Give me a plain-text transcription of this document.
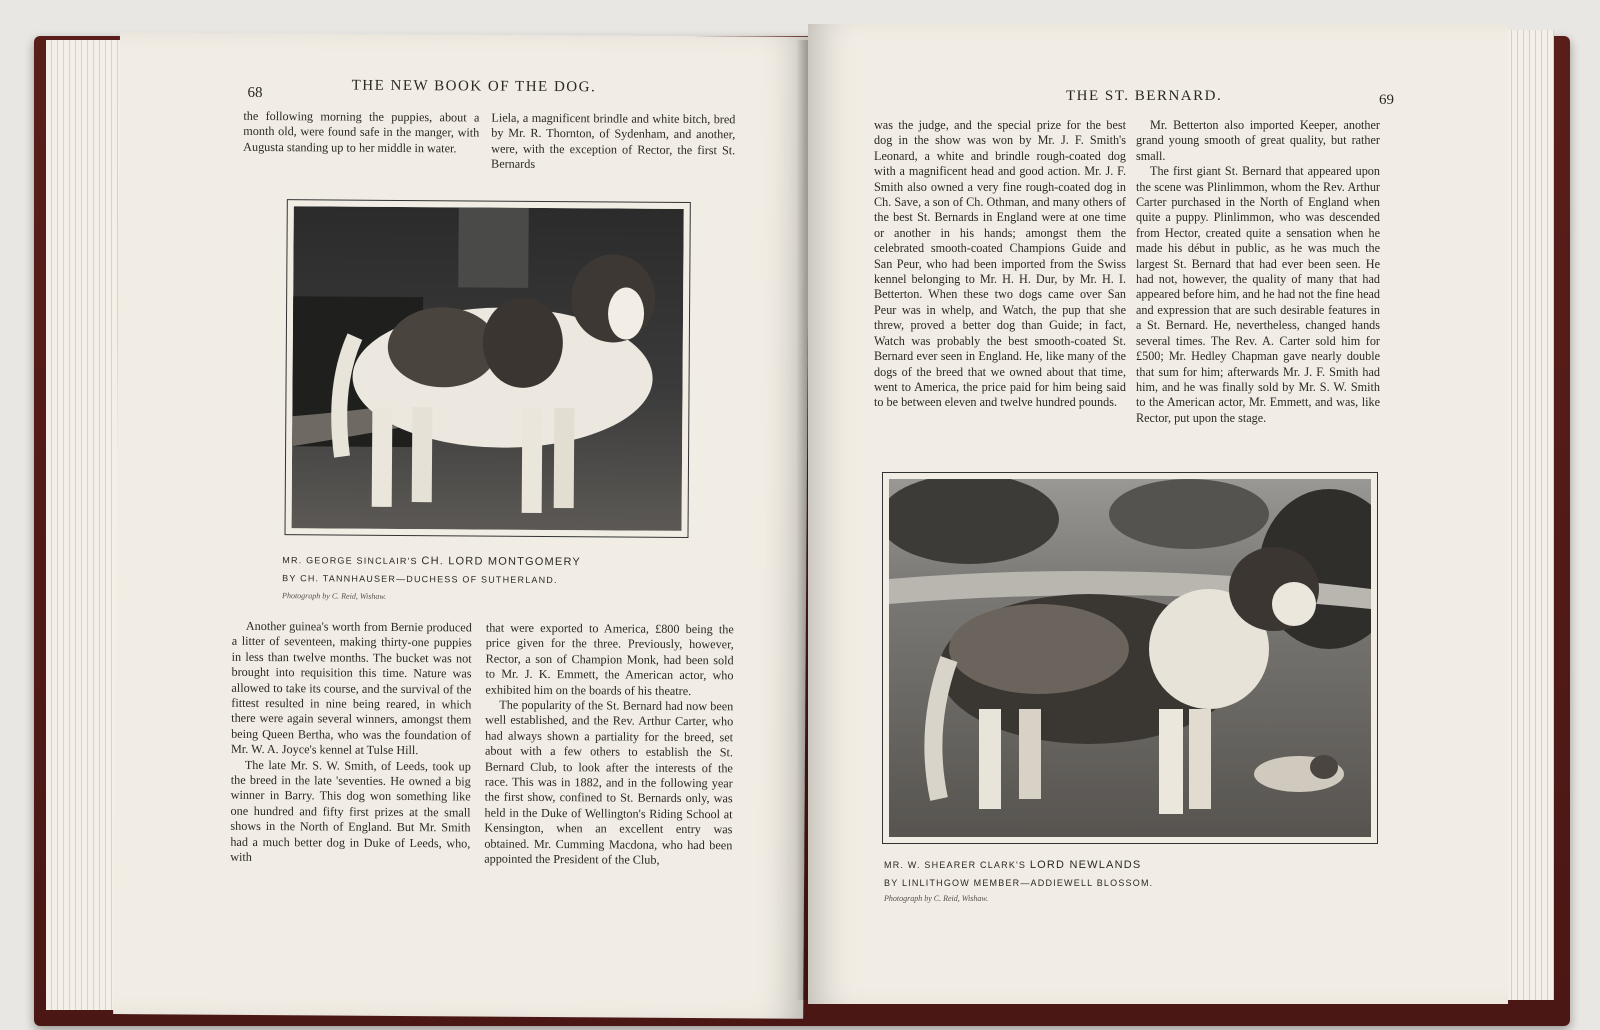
68	THE NEW BOOK OF THE DOG.

the following morning the puppies, about a month old, were found safe in the manger, with Augusta standing up to her middle in water.

Liela, a magnificent brindle and white bitch, bred by Mr. R. Thornton, of Sydenham, and another, were, with the exception of Rector, the first St. Bernards

MR. GEORGE SINCLAIR'S CH. LORD MONTGOMERY
BY CH. TANNHAUSER—DUCHESS OF SUTHERLAND.
Photograph by C. Reid, Wishaw.

Another guinea's worth from Bernie produced a litter of seventeen, making thirty-one puppies in less than twelve months. The bucket was not brought into requisition this time. Nature was allowed to take its course, and the survival of the fittest resulted in nine being reared, in which there were again several winners, amongst them being Queen Bertha, who was the foundation of Mr. W. A. Joyce's kennel at Tulse Hill.

The late Mr. S. W. Smith, of Leeds, took up the breed in the late 'seventies. He owned a big winner in Barry. This dog won something like one hundred and fifty first prizes at the small shows in the North of England. But Mr. Smith had a much better dog in Duke of Leeds, who, with

that were exported to America, £800 being the price given for the three. Previously, however, Rector, a son of Champion Monk, had been sold to Mr. J. K. Emmett, the American actor, who exhibited him on the boards of his theatre.

The popularity of the St. Bernard had now been well established, and the Rev. Arthur Carter, who had always shown a partiality for the breed, set about with a few others to establish the St. Bernard Club, to look after the interests of the race. This was in 1882, and in the following year the first show, confined to St. Bernards only, was held in the Duke of Wellington's Riding School at Kensington, when an excellent entry was obtained. Mr. Cumming Macdona, who had been appointed the President of the Club,

THE ST. BERNARD.	69

was the judge, and the special prize for the best dog in the show was won by Mr. J. F. Smith's Leonard, a white and brindle rough-coated dog with a magnificent head and good action. Mr. J. F. Smith also owned a very fine rough-coated dog in Ch. Save, a son of Ch. Othman, and many others of the best St. Bernards in England were at one time or another in his hands; amongst them the celebrated smooth-coated Champions Guide and San Peur, who had been imported from the Swiss kennel belonging to Mr. H. H. Dur, by Mr. H. I. Betterton. When these two dogs came over San Peur was in whelp, and Watch, the pup that she threw, proved a better dog than Guide; in fact, Watch was probably the best smooth-coated St. Bernard ever seen in England. He, like many of the dogs of the breed that we owned about that time, went to America, the price paid for him being said to be between eleven and twelve hundred pounds.

Mr. Betterton also imported Keeper, another grand young smooth of great quality, but rather small.

The first giant St. Bernard that appeared upon the scene was Plinlimmon, whom the Rev. Arthur Carter purchased in the North of England when quite a puppy. Plinlimmon, who was descended from Hector, created quite a sensation when he made his début in public, as he was much the largest St. Bernard that had ever been seen. He had not, however, the quality of many that had appeared before him, and he had not the fine head and expression that are such desirable features in a St. Bernard. He, nevertheless, changed hands several times. The Rev. A. Carter sold him for £500; Mr. Hedley Chapman gave nearly double that sum for him; afterwards Mr. J. F. Smith had him, and he was finally sold by Mr. S. W. Smith to the American actor, Mr. Emmett, and was, like Rector, put upon the stage.

MR. W. SHEARER CLARK'S LORD NEWLANDS
BY LINLITHGOW MEMBER—ADDIEWELL BLOSSOM.
Photograph by C. Reid, Wishaw.
